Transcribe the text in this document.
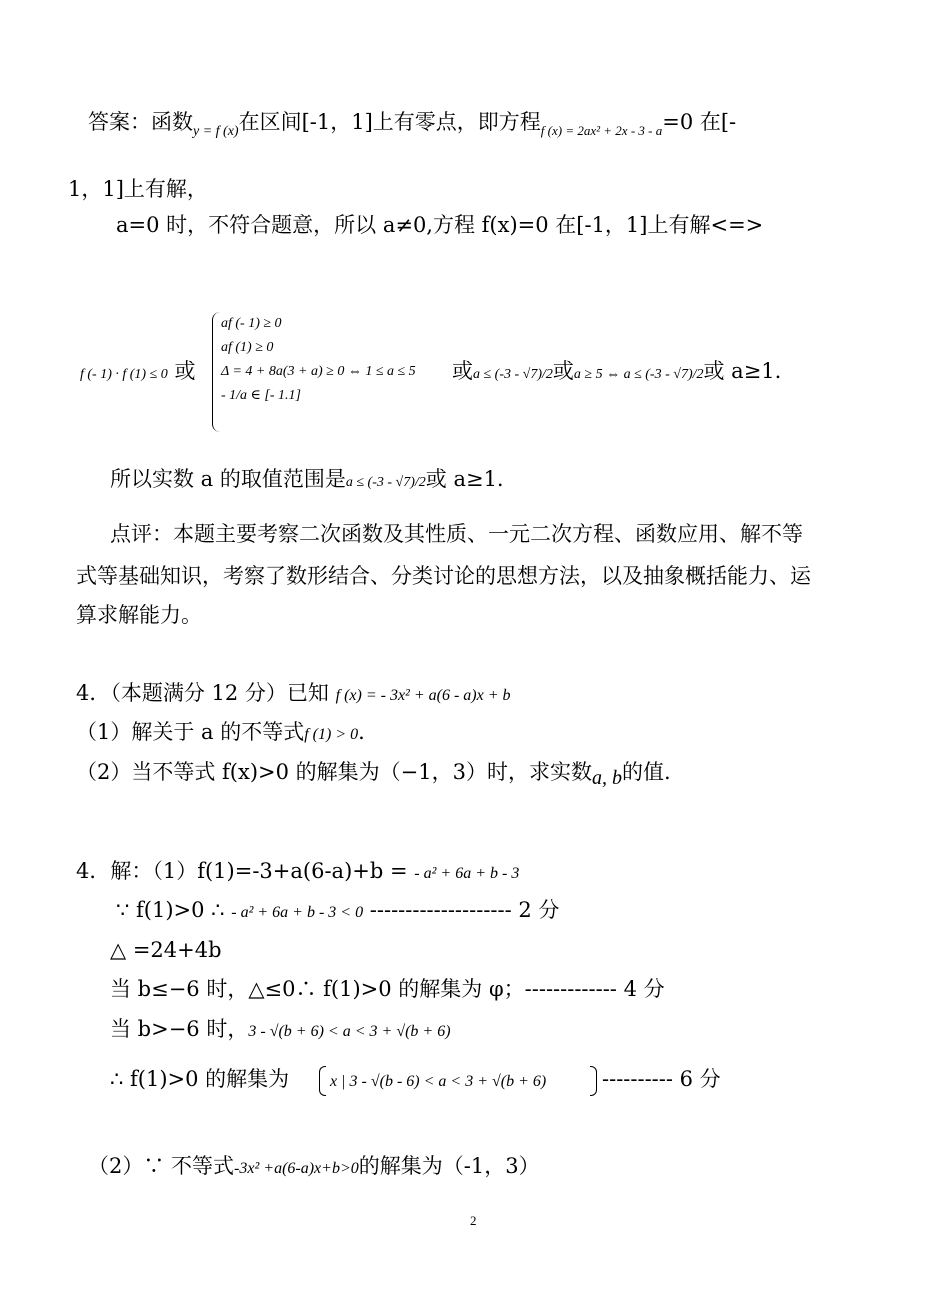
答案：函数$_{y = f (x)}$在区间[-1，1]上有零点，即方程$_{f (x) = 2ax^2 + 2x - 3 - a}$=0 在[-
1，1]上有解，
a=0 时，不符合题意，所以 a≠0,方程 f(x)=0 在[-1，1]上有解<=>
f (- 1) · f (1) ≤ 0 或
af (- 1) ≥ 0
af (1) ≥ 0
Δ = 4 + 8a(3 + a) ≥ 0 ⇔ 1 ≤ a ≤ 5
- 1/a ∈ [- 1.1]
或a ≤ (-3 - √7)/2或a ≥ 5 ⇔ a ≤ (-3 - √7)/2或 a≥1.
所以实数 a 的取值范围是a ≤ (-3 - √7)/2或 a≥1.
点评：本题主要考察二次函数及其性质、一元二次方程、函数应用、解不等
式等基础知识，考察了数形结合、分类讨论的思想方法，以及抽象概括能力、运
算求解能力。
4．（本题满分 12 分）已知 f (x) = - 3x² + a(6 - a)x + b
（1）解关于 a 的不等式f (1) > 0.
（2）当不等式 f(x)>0 的解集为（−1，3）时，求实数a, b的值.
4．解：（1）f(1)=-3+a(6-a)+b = - a² + 6a + b - 3
∵ f(1)>0 ∴ - a² + 6a + b - 3 < 0 -------------------- 2 分
△ =24+4b
当 b≤−6 时，△≤0∴ f(1)>0 的解集为 φ；------------- 4 分
当 b>−6 时，3 - √(b + 6) < a < 3 + √(b + 6)
∴ f(1)>0 的解集为	x | 3 - √(b - 6) < a < 3 + √(b + 6)	---------- 6 分
（2）∵ 不等式-3x² +a(6-a)x+b>0的解集为（-1，3）
2
